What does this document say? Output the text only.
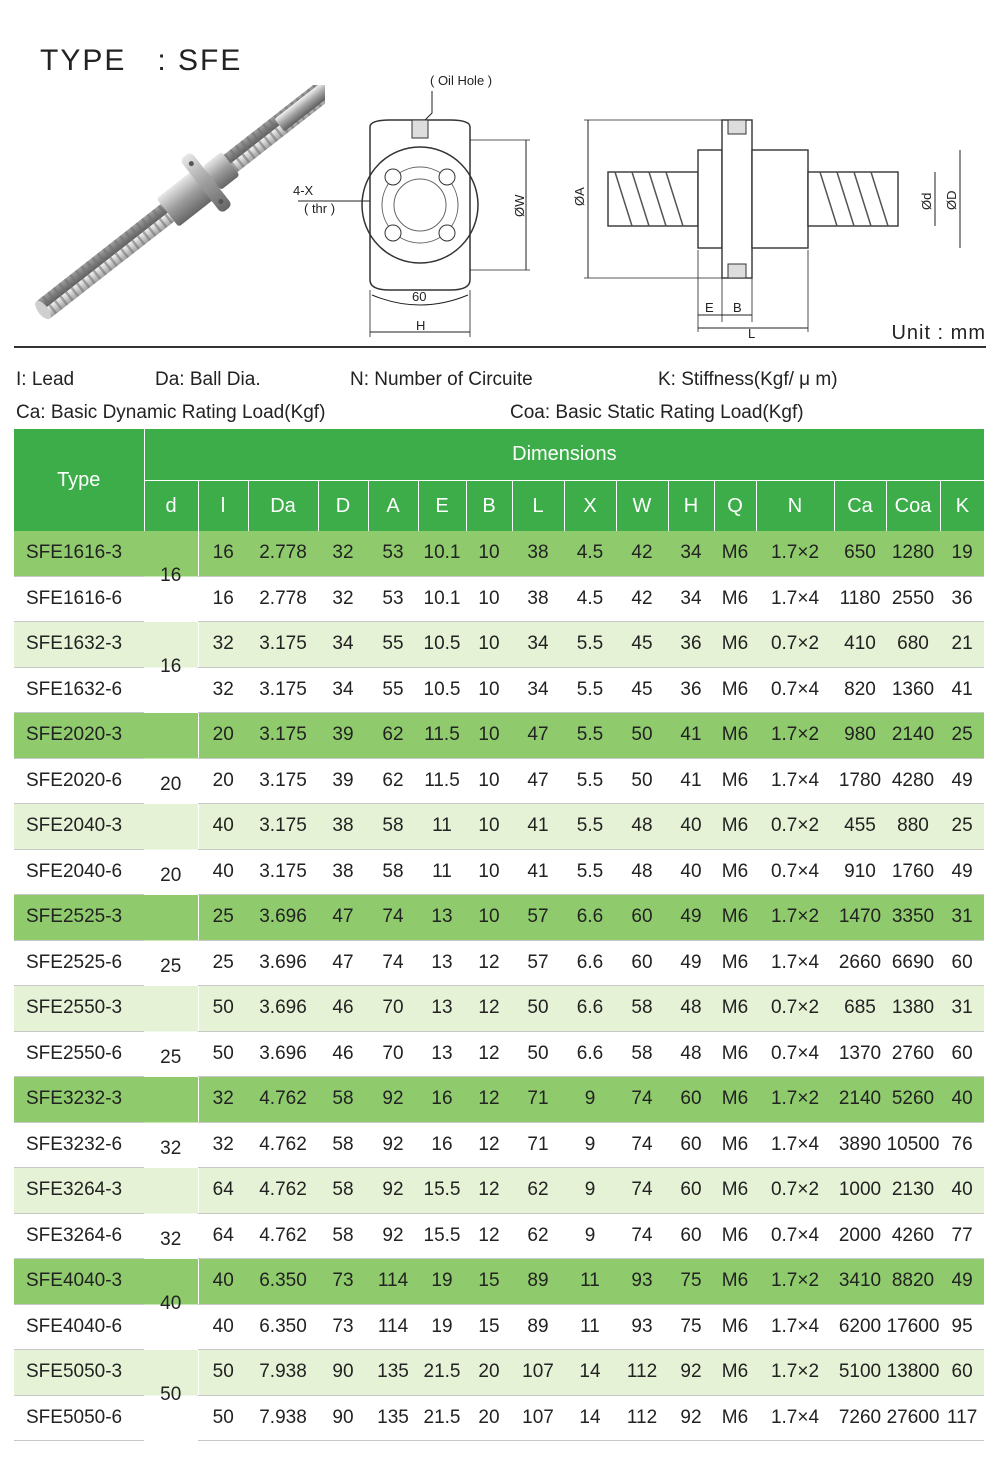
TYPE   : SFE
( Oil Hole )
4-X
( thr )	ØW
60
H
ØA	Ød ØD
E B
L	Unit : mm
I: Lead	Da: Ball Dia.	N: Number of Circuite	K: Stiffness(Kgf/ μ m)
Ca: Basic Dynamic Rating Load(Kgf)	Coa: Basic Static Rating Load(Kgf)
Type	Dimensions															
	d	l	Da	D	A	E	B	L	X	W	H	Q	N	Ca	Coa	K
SFE1616-3	16	16	2.778	32	53	10.1	10	38	4.5	42	34	M6	1.7×2	650	1280	19
SFE1616-6		16	2.778	32	53	10.1	10	38	4.5	42	34	M6	1.7×4	1180	2550	36
SFE1632-3	16	32	3.175	34	55	10.5	10	34	5.5	45	36	M6	0.7×2	410	680	21
SFE1632-6		32	3.175	34	55	10.5	10	34	5.5	45	36	M6	0.7×4	820	1360	41
SFE2020-3	20	20	3.175	39	62	11.5	10	47	5.5	50	41	M6	1.7×2	980	2140	25
SFE2020-6		20	3.175	39	62	11.5	10	47	5.5	50	41	M6	1.7×4	1780	4280	49
SFE2040-3	20	40	3.175	38	58	11	10	41	5.5	48	40	M6	0.7×2	455	880	25
SFE2040-6		40	3.175	38	58	11	10	41	5.5	48	40	M6	0.7×4	910	1760	49
SFE2525-3	25	25	3.696	47	74	13	10	57	6.6	60	49	M6	1.7×2	1470	3350	31
SFE2525-6		25	3.696	47	74	13	12	57	6.6	60	49	M6	1.7×4	2660	6690	60
SFE2550-3	25	50	3.696	46	70	13	12	50	6.6	58	48	M6	0.7×2	685	1380	31
SFE2550-6		50	3.696	46	70	13	12	50	6.6	58	48	M6	0.7×4	1370	2760	60
SFE3232-3	32	32	4.762	58	92	16	12	71	9	74	60	M6	1.7×2	2140	5260	40
SFE3232-6		32	4.762	58	92	16	12	71	9	74	60	M6	1.7×4	3890	10500	76
SFE3264-3	32	64	4.762	58	92	15.5	12	62	9	74	60	M6	0.7×2	1000	2130	40
SFE3264-6		64	4.762	58	92	15.5	12	62	9	74	60	M6	0.7×4	2000	4260	77
SFE4040-3	40	40	6.350	73	114	19	15	89	11	93	75	M6	1.7×2	3410	8820	49
SFE4040-6		40	6.350	73	114	19	15	89	11	93	75	M6	1.7×4	6200	17600	95
SFE5050-3	50	50	7.938	90	135	21.5	20	107	14	112	92	M6	1.7×2	5100	13800	60
SFE5050-6		50	7.938	90	135	21.5	20	107	14	112	92	M6	1.7×4	7260	27600	117
